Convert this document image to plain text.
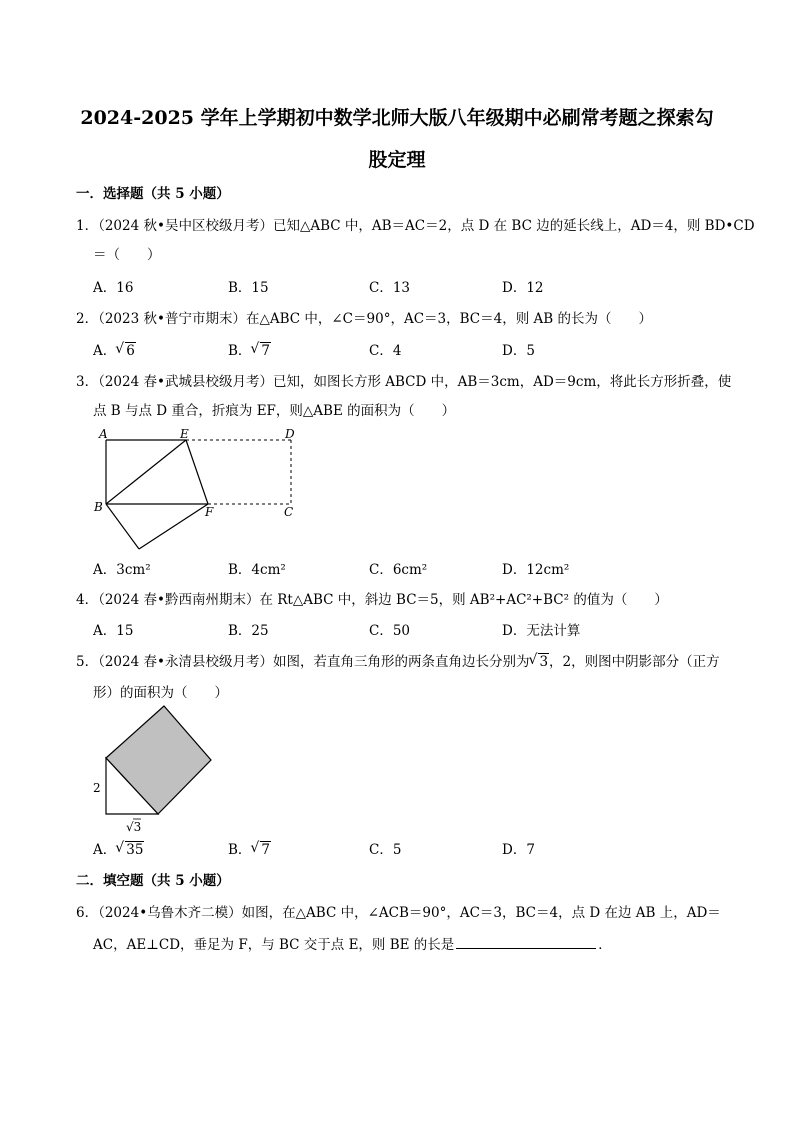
2024-2025 学年上学期初中数学北师大版八年级期中必刷常考题之探索勾
股定理
一．选择题（共 5 小题）
1．（2024 秋•吴中区校级月考）已知△ABC 中，AB＝AC＝2，点 D 在 BC 边的延长线上，AD＝4，则 BD•CD
＝（　　）
A．16	B．15	C．13	D．12
2．（2023 秋•普宁市期末）在△ABC 中，∠C＝90°，AC＝3，BC＝4，则 AB 的长为（　　）
A． √ 6	B． √ 7	C．4	D．5
3．（2024 春•武城县校级月考）已知，如图长方形 ABCD 中，AB＝3cm，AD＝9cm，将此长方形折叠，使
点 B 与点 D 重合，折痕为 EF，则△ABE 的面积为（　　）
A	E	D
B	F	C
A．3cm²	B．4cm²	C．6cm²	D．12cm²
4．（2024 春•黔西南州期末）在 Rt△ABC 中，斜边 BC＝5，则 AB²+AC²+BC² 的值为（　　）
A．15	B．25	C．50	D．无法计算
5．（2024 春•永清县校级月考）如图，若直角三角形的两条直角边长分别为 √ 3，2，则图中阴影部分（正方
形）的面积为（　　）
2
√3
A． √ 35	B． √ 7	C．5	D．7
二．填空题（共 5 小题）
6．（2024•乌鲁木齐二模）如图，在△ABC 中，∠ACB＝90°，AC＝3，BC＝4，点 D 在边 AB 上，AD＝
AC，AE⊥CD，垂足为 F，与 BC 交于点 E，则 BE 的长是	．
